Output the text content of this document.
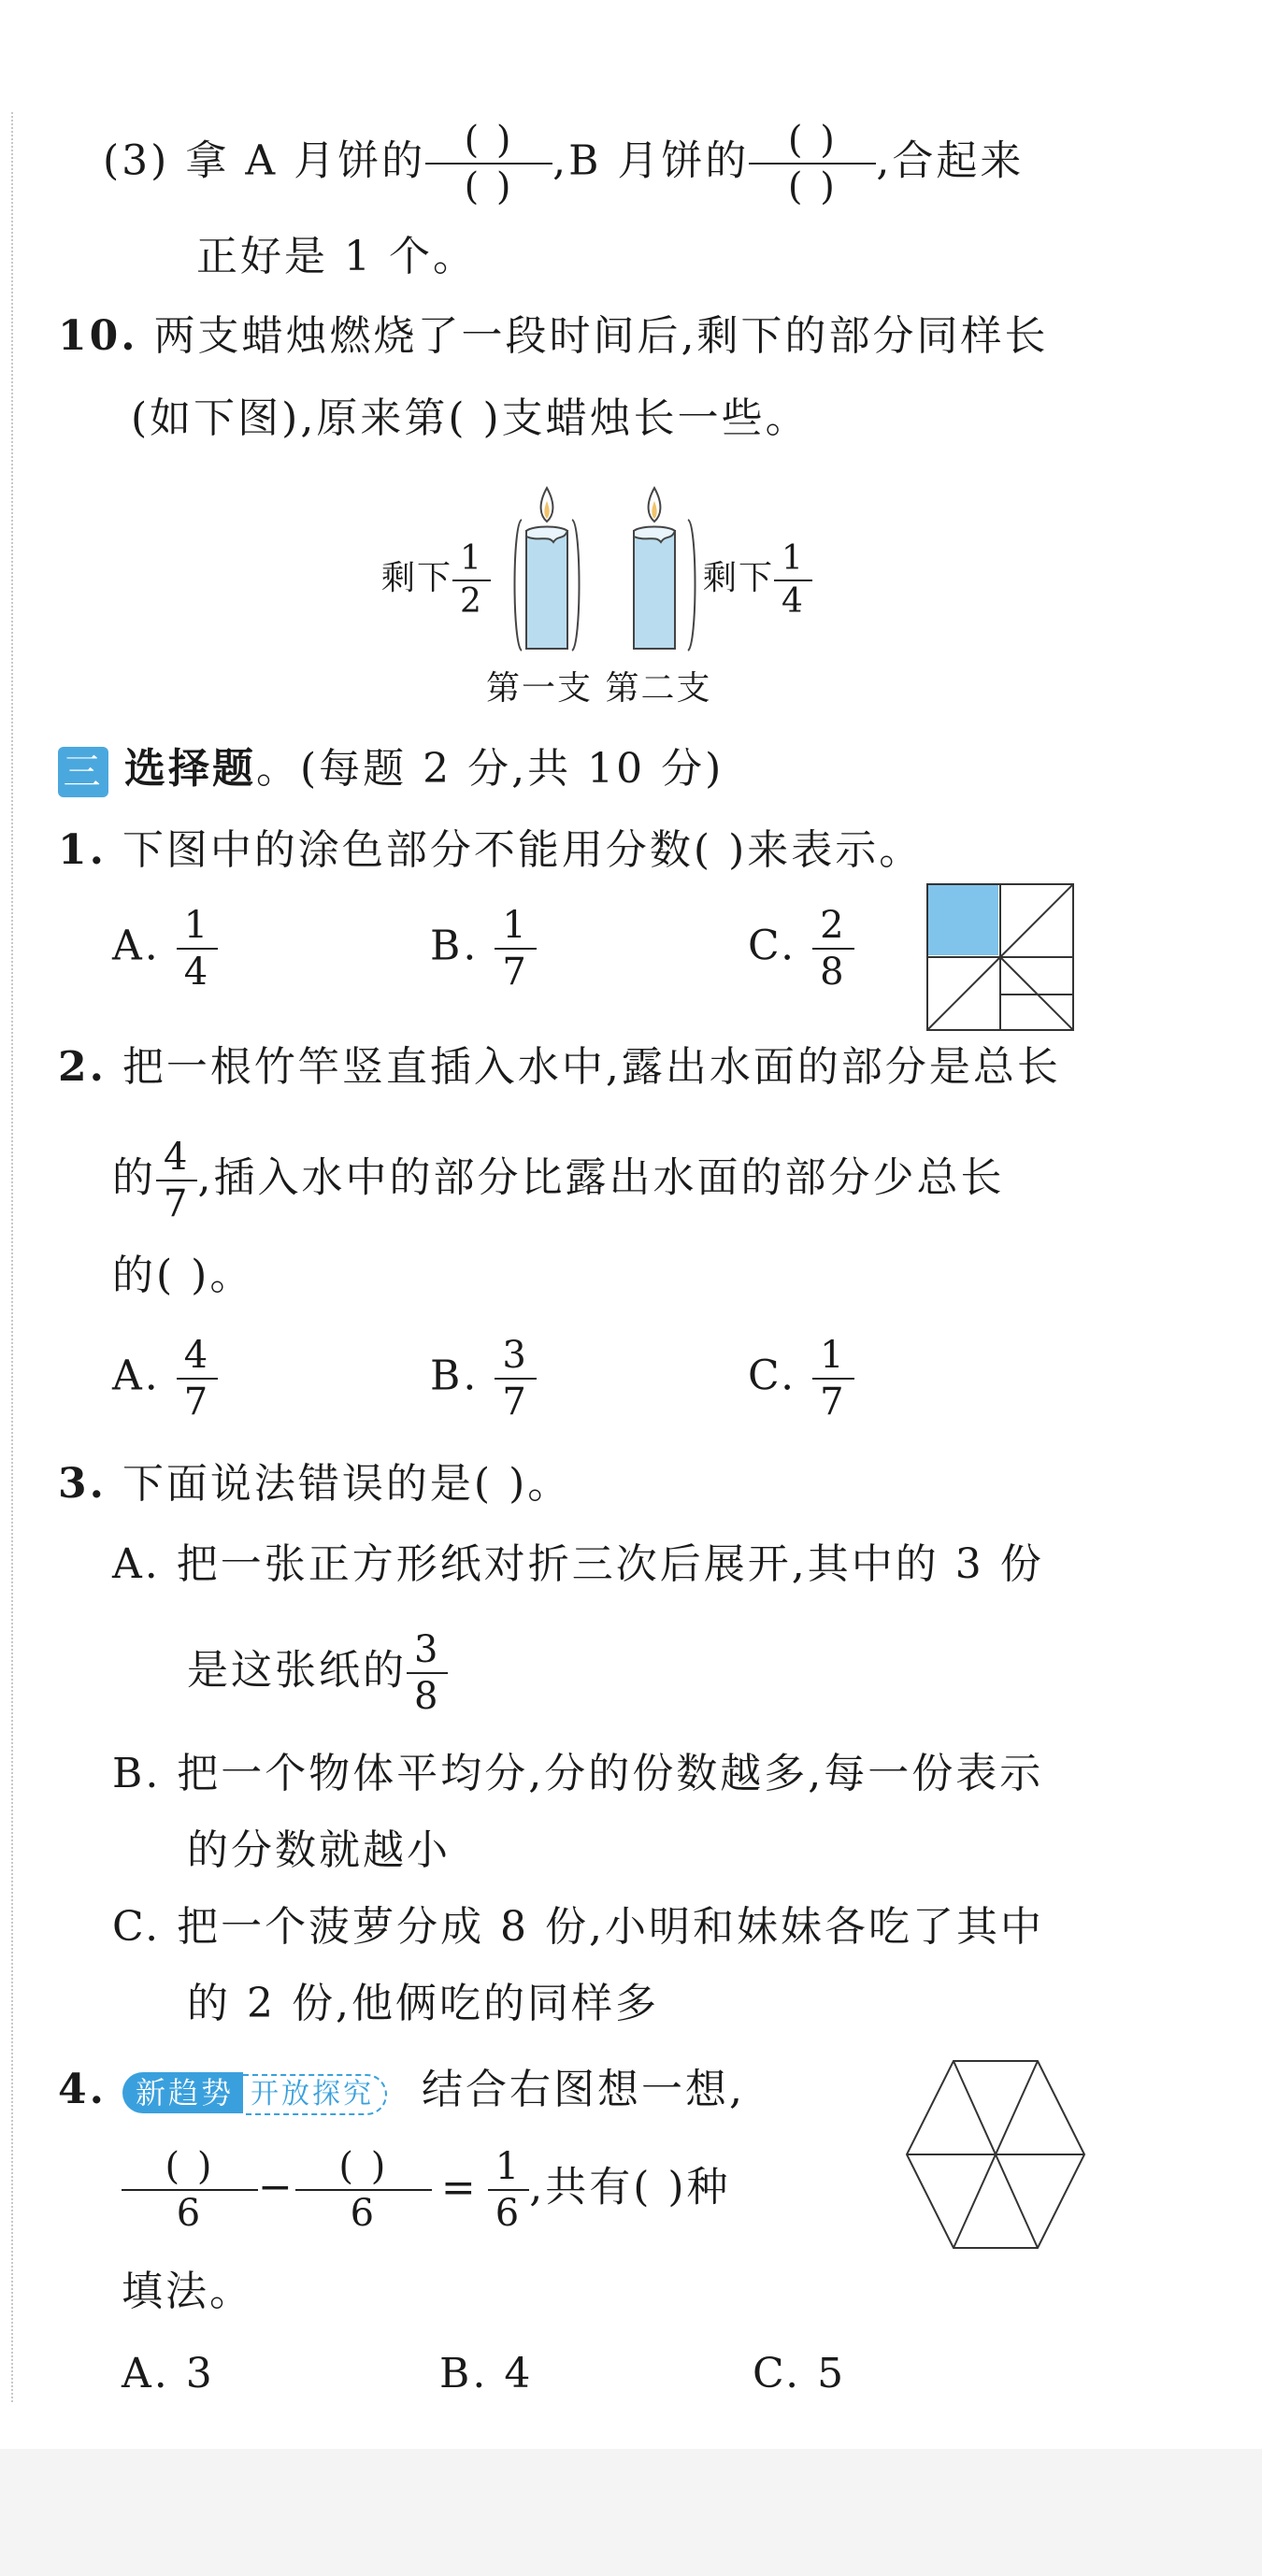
(3) 拿 A 月饼的 $\frac{( )}{( )} ,B$ 月饼的 $\frac{( )}{( )}$ ,合起来
正好是 1 个。
10. 两支蜡烛燃烧了一段时间后,剩下的部分同样长
(如下图),原来第( )支蜡烛长一些。
剩下 $\frac{1}{2}$	剩下 $\frac{1}{4}$
第一支 第二支
三 选择题。(每题 2 分,共 10 分)
1. 下图中的涂色部分不能用分数( )来表示。
A. $\frac{1}{4}$	B. $\frac{1}{7}$	C. $\frac{2}{8}$
2. 把一根竹竿竖直插入水中,露出水面的部分是总长
的 $\frac{4}{7}$ ,插入水中的部分比露出水面的部分少总长
的( )。
A. $\frac{4}{7}$	B. $\frac{3}{7}$	C. $\frac{1}{7}$
3. 下面说法错误的是( )。
A. 把一张正方形纸对折三次后展开,其中的 3 份
是这张纸的 $\frac{3}{8}$
B. 把一个物体平均分,分的份数越多,每一份表示
的分数就越小
C. 把一个菠萝分成 8 份,小明和妹妹各吃了其中
的 2 份,他俩吃的同样多
4. 新趋势 开放探究 结合右图想一想,
$\frac{( )}{6} - \frac{( )}{6} = \frac{1}{6}$ ,共有( )种
填法。
A. 3	B. 4	C. 5
